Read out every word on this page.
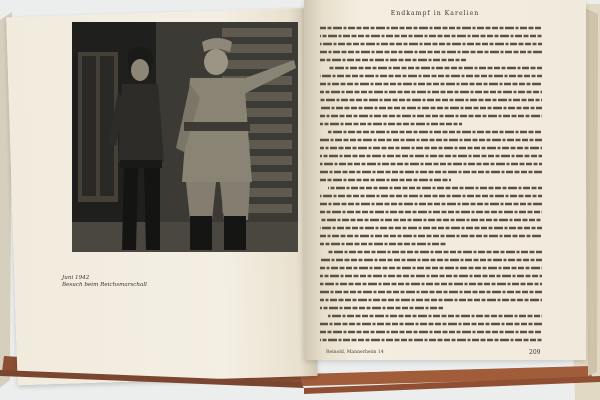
Juni 1942
Besuch beim Reichsmarschall
Endkampf in Karelien
Reinold, Mannerheim 14	209
